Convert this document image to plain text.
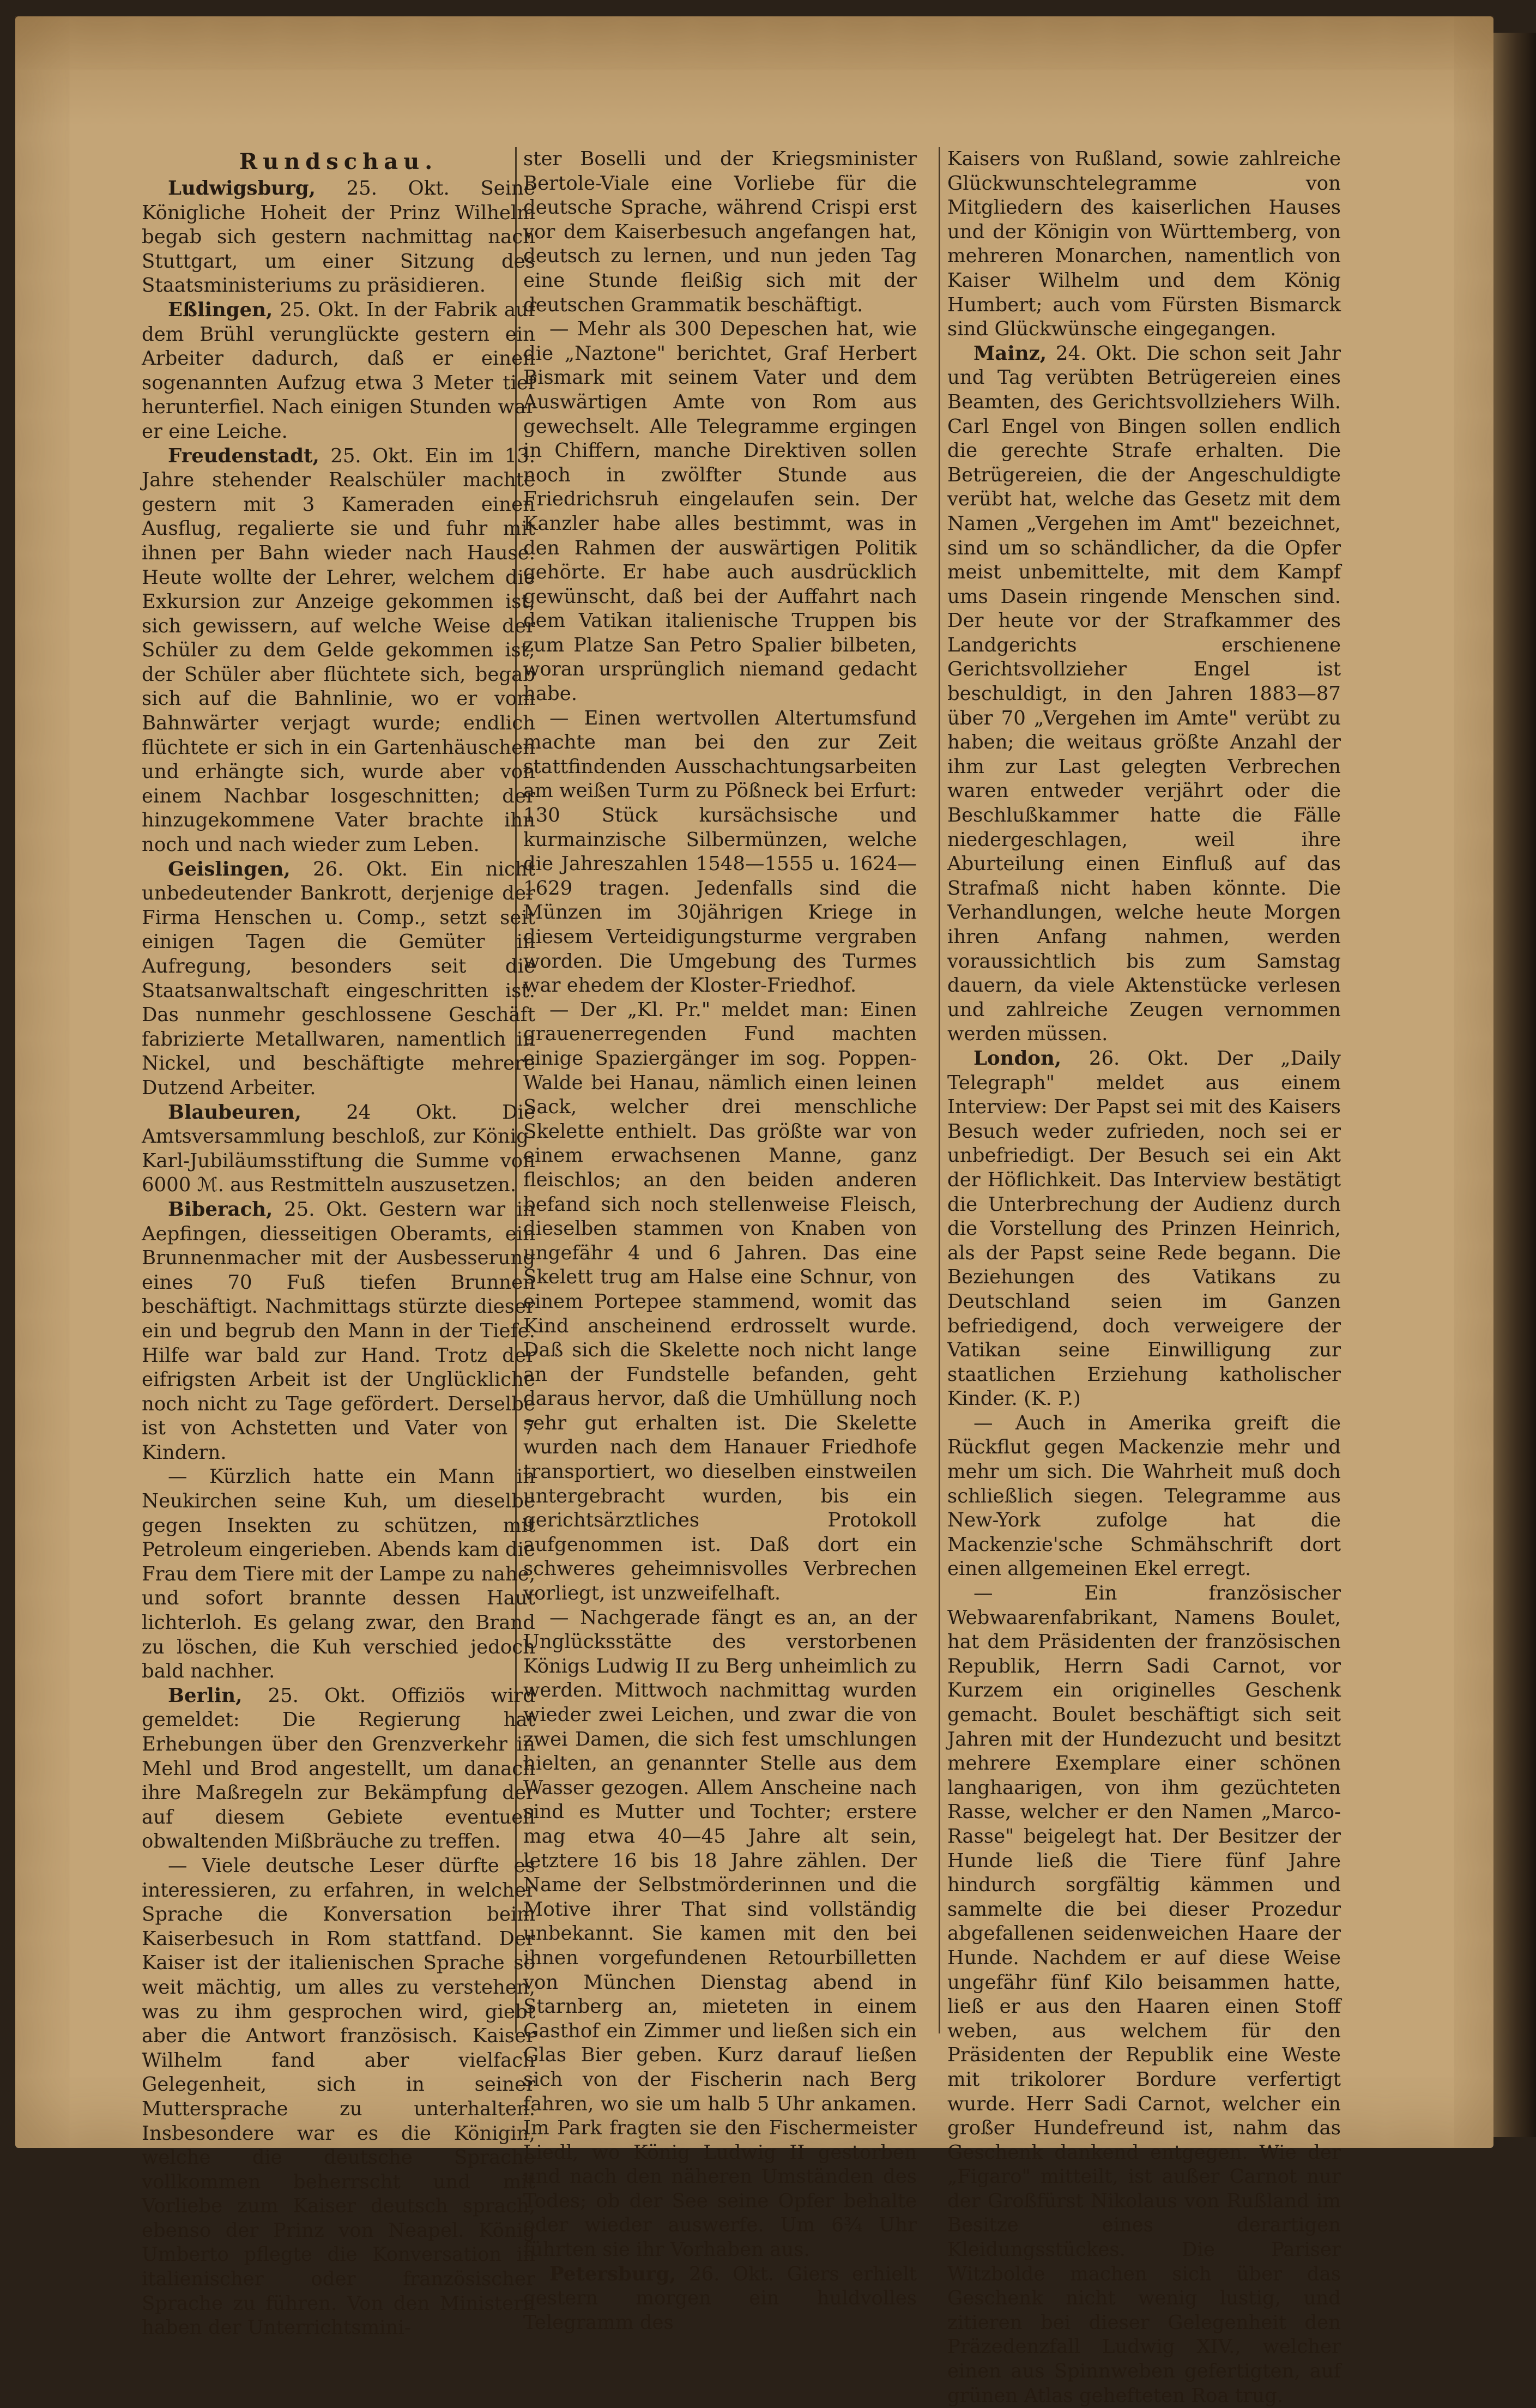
Rundschau.

Ludwigsburg, 25. Okt. Seine Königliche Hoheit der Prinz Wilhelm begab sich gestern nachmittag nach Stuttgart, um einer Sitzung des Staatsministeriums zu präsidieren.

Eßlingen, 25. Okt. In der Fabrik auf dem Brühl verunglückte gestern ein Arbeiter dadurch, daß er einen sogenannten Aufzug etwa 3 Meter tief herunterfiel. Nach einigen Stunden war er eine Leiche.

Freudenstadt, 25. Okt. Ein im 13. Jahre stehender Realschüler machte gestern mit 3 Kameraden einen Ausflug, regalierte sie und fuhr mit ihnen per Bahn wieder nach Hause. Heute wollte der Lehrer, welchem die Exkursion zur Anzeige gekommen ist, sich gewissern, auf welche Weise der Schüler zu dem Gelde gekommen ist; der Schüler aber flüchtete sich, begab sich auf die Bahnlinie, wo er vom Bahnwärter verjagt wurde; endlich flüchtete er sich in ein Gartenhäuschen und erhängte sich, wurde aber von einem Nachbar losgeschnitten; der hinzugekommene Vater brachte ihn noch und nach wieder zum Leben.

Geislingen, 26. Okt. Ein nicht unbedeutender Bankrott, derjenige der Firma Henschen u. Comp., setzt seit einigen Tagen die Gemüter in Aufregung, besonders seit die Staatsanwaltschaft eingeschritten ist. Das nunmehr geschlossene Geschäft fabrizierte Metallwaren, namentlich in Nickel, und beschäftigte mehrere Dutzend Arbeiter.

Blaubeuren, 24 Okt. Die Amtsversammlung beschloß, zur König-Karl-Jubiläumsstiftung die Summe von 6000 ℳ. aus Restmitteln auszusetzen.

Biberach, 25. Okt. Gestern war in Aepfingen, diesseitigen Oberamts, ein Brunnenmacher mit der Ausbesserung eines 70 Fuß tiefen Brunnen beschäftigt. Nachmittags stürzte dieser ein und begrub den Mann in der Tiefe. Hilfe war bald zur Hand. Trotz der eifrigsten Arbeit ist der Unglückliche noch nicht zu Tage gefördert. Derselbe ist von Achstetten und Vater von 7 Kindern.

— Kürzlich hatte ein Mann in Neukirchen seine Kuh, um dieselbe gegen Insekten zu schützen, mit Petroleum eingerieben. Abends kam die Frau dem Tiere mit der Lampe zu nahe, und sofort brannte dessen Haut lichterloh. Es gelang zwar, den Brand zu löschen, die Kuh verschied jedoch bald nachher.

Berlin, 25. Okt. Offiziös wird gemeldet: Die Regierung hat Erhebungen über den Grenzverkehr in Mehl und Brod angestellt, um danach ihre Maßregeln zur Bekämpfung der auf diesem Gebiete eventuell obwaltenden Mißbräuche zu treffen.

— Viele deutsche Leser dürfte es interessieren, zu erfahren, in welcher Sprache die Konversation beim Kaiserbesuch in Rom stattfand. Der Kaiser ist der italienischen Sprache so weit mächtig, um alles zu verstehen, was zu ihm gesprochen wird, giebt aber die Antwort französisch. Kaiser Wilhelm fand aber vielfach Gelegenheit, sich in seiner Muttersprache zu unterhalten. Insbesondere war es die Königin, welche die deutsche Sprache vollkommen beherrscht und mit Vorliebe zum Kaiser deutsch sprach, ebenso der Prinz von Neapel. König Umberto pflegte die Konversation in italienischer oder französischer Sprache zu führen. Von den Ministern haben der Unterrichtsmini-

ster Boselli und der Kriegsminister Bertole-Viale eine Vorliebe für die deutsche Sprache, während Crispi erst vor dem Kaiserbesuch angefangen hat, deutsch zu lernen, und nun jeden Tag eine Stunde fleißig sich mit der deutschen Grammatik beschäftigt.

— Mehr als 300 Depeschen hat, wie die „Naztone" berichtet, Graf Herbert Bismark mit seinem Vater und dem Auswärtigen Amte von Rom aus gewechselt. Alle Telegramme ergingen in Chiffern, manche Direktiven sollen noch in zwölfter Stunde aus Friedrichsruh eingelaufen sein. Der Kanzler habe alles bestimmt, was in den Rahmen der auswärtigen Politik gehörte. Er habe auch ausdrücklich gewünscht, daß bei der Auffahrt nach dem Vatikan italienische Truppen bis zum Platze San Petro Spalier bilbeten, woran ursprünglich niemand gedacht habe.

— Einen wertvollen Altertumsfund machte man bei den zur Zeit stattfindenden Ausschachtungsarbeiten am weißen Turm zu Pößneck bei Erfurt: 130 Stück kursächsische und kurmainzische Silbermünzen, welche die Jahreszahlen 1548—1555 u. 1624—1629 tragen. Jedenfalls sind die Münzen im 30jährigen Kriege in diesem Verteidigungsturme vergraben worden. Die Umgebung des Turmes war ehedem der Kloster-Friedhof.

— Der „Kl. Pr." meldet man: Einen grauenerregenden Fund machten einige Spaziergänger im sog. Poppen-Walde bei Hanau, nämlich einen leinen Sack, welcher drei menschliche Skelette enthielt. Das größte war von einem erwachsenen Manne, ganz fleischlos; an den beiden anderen befand sich noch stellenweise Fleisch, dieselben stammen von Knaben von ungefähr 4 und 6 Jahren. Das eine Skelett trug am Halse eine Schnur, von einem Portepee stammend, womit das Kind anscheinend erdrosselt wurde. Daß sich die Skelette noch nicht lange an der Fundstelle befanden, geht daraus hervor, daß die Umhüllung noch sehr gut erhalten ist. Die Skelette wurden nach dem Hanauer Friedhofe transportiert, wo dieselben einstweilen untergebracht wurden, bis ein gerichtsärztliches Protokoll aufgenommen ist. Daß dort ein schweres geheimnisvolles Verbrechen vorliegt, ist unzweifelhaft.

— Nachgerade fängt es an, an der Unglücksstätte des verstorbenen Königs Ludwig II zu Berg unheimlich zu werden. Mittwoch nachmittag wurden wieder zwei Leichen, und zwar die von zwei Damen, die sich fest umschlungen hielten, an genannter Stelle aus dem Wasser gezogen. Allem Anscheine nach sind es Mutter und Tochter; erstere mag etwa 40—45 Jahre alt sein, letztere 16 bis 18 Jahre zählen. Der Name der Selbstmörderinnen und die Motive ihrer That sind vollständig unbekannt. Sie kamen mit den bei ihnen vorgefundenen Retourbilletten von München Dienstag abend in Starnberg an, mieteten in einem Gasthof ein Zimmer und ließen sich ein Glas Bier geben. Kurz darauf ließen sich von der Fischerin nach Berg fahren, wo sie um halb 5 Uhr ankamen. Im Park fragten sie den Fischermeister Liedl, wo König Ludwig II gestorben und nach den näheren Umständen des Todes; ob der See seine Opfer behalte oder wieder auswerfe. Um 6¾ Uhr führten sie ihr Vorhaben aus.

Petersburg, 26. Okt. Giers erhielt gestern morgen ein huldvolles Telegramm des

Kaisers von Rußland, sowie zahlreiche Glückwunschtelegramme von Mitgliedern des kaiserlichen Hauses und der Königin von Württemberg, von mehreren Monarchen, namentlich von Kaiser Wilhelm und dem König Humbert; auch vom Fürsten Bismarck sind Glückwünsche eingegangen.

Mainz, 24. Okt. Die schon seit Jahr und Tag verübten Betrügereien eines Beamten, des Gerichtsvollziehers Wilh. Carl Engel von Bingen sollen endlich die gerechte Strafe erhalten. Die Betrügereien, die der Angeschuldigte verübt hat, welche das Gesetz mit dem Namen „Vergehen im Amt" bezeichnet, sind um so schändlicher, da die Opfer meist unbemittelte, mit dem Kampf ums Dasein ringende Menschen sind. Der heute vor der Strafkammer des Landgerichts erschienene Gerichtsvollzieher Engel ist beschuldigt, in den Jahren 1883—87 über 70 „Vergehen im Amte" verübt zu haben; die weitaus größte Anzahl der ihm zur Last gelegten Verbrechen waren entweder verjährt oder die Beschlußkammer hatte die Fälle niedergeschlagen, weil ihre Aburteilung einen Einfluß auf das Strafmaß nicht haben könnte. Die Verhandlungen, welche heute Morgen ihren Anfang nahmen, werden voraussichtlich bis zum Samstag dauern, da viele Aktenstücke verlesen und zahlreiche Zeugen vernommen werden müssen.

London, 26. Okt. Der „Daily Telegraph" meldet aus einem Interview: Der Papst sei mit des Kaisers Besuch weder zufrieden, noch sei er unbefriedigt. Der Besuch sei ein Akt der Höflichkeit. Das Interview bestätigt die Unterbrechung der Audienz durch die Vorstellung des Prinzen Heinrich, als der Papst seine Rede begann. Die Beziehungen des Vatikans zu Deutschland seien im Ganzen befriedigend, doch verweigere der Vatikan seine Einwilligung zur staatlichen Erziehung katholischer Kinder. (K. P.)

— Auch in Amerika greift die Rückflut gegen Mackenzie mehr und mehr um sich. Die Wahrheit muß doch schließlich siegen. Telegramme aus New-York zufolge hat die Mackenzie'sche Schmähschrift dort einen allgemeinen Ekel erregt.

— Ein französischer Webwaarenfabrikant, Namens Boulet, hat dem Präsidenten der französischen Republik, Herrn Sadi Carnot, vor Kurzem ein originelles Geschenk gemacht. Boulet beschäftigt sich seit Jahren mit der Hundezucht und besitzt mehrere Exemplare einer schönen langhaarigen, von ihm gezüchteten Rasse, welcher er den Namen „Marco-Rasse" beigelegt hat. Der Besitzer der Hunde ließ die Tiere fünf Jahre hindurch sorgfältig kämmen und sammelte die bei dieser Prozedur abgefallenen seidenweichen Haare der Hunde. Nachdem er auf diese Weise ungefähr fünf Kilo beisammen hatte, ließ er aus den Haaren einen Stoff weben, aus welchem für den Präsidenten der Republik eine Weste mit trikolorer Bordure verfertigt wurde. Herr Sadi Carnot, welcher ein großer Hundefreund ist, nahm das Geschenk dankend entgegen. Wie der „Figaro" mitteilt, ist außer Carnot nur der Großfürst Nikolaus von Rußland im Besitze eines derartigen Kleidungsstückes. Die Pariser Witzbolde machen sich über das Geschenk nicht wenig lustig, und zitieren bei dieser Gelegenheit den Präzedenzfall Ludwig XIV., welcher einen aus Spinnweben gefertigten, auf grünen Atlas gehefteten Roa trug.
